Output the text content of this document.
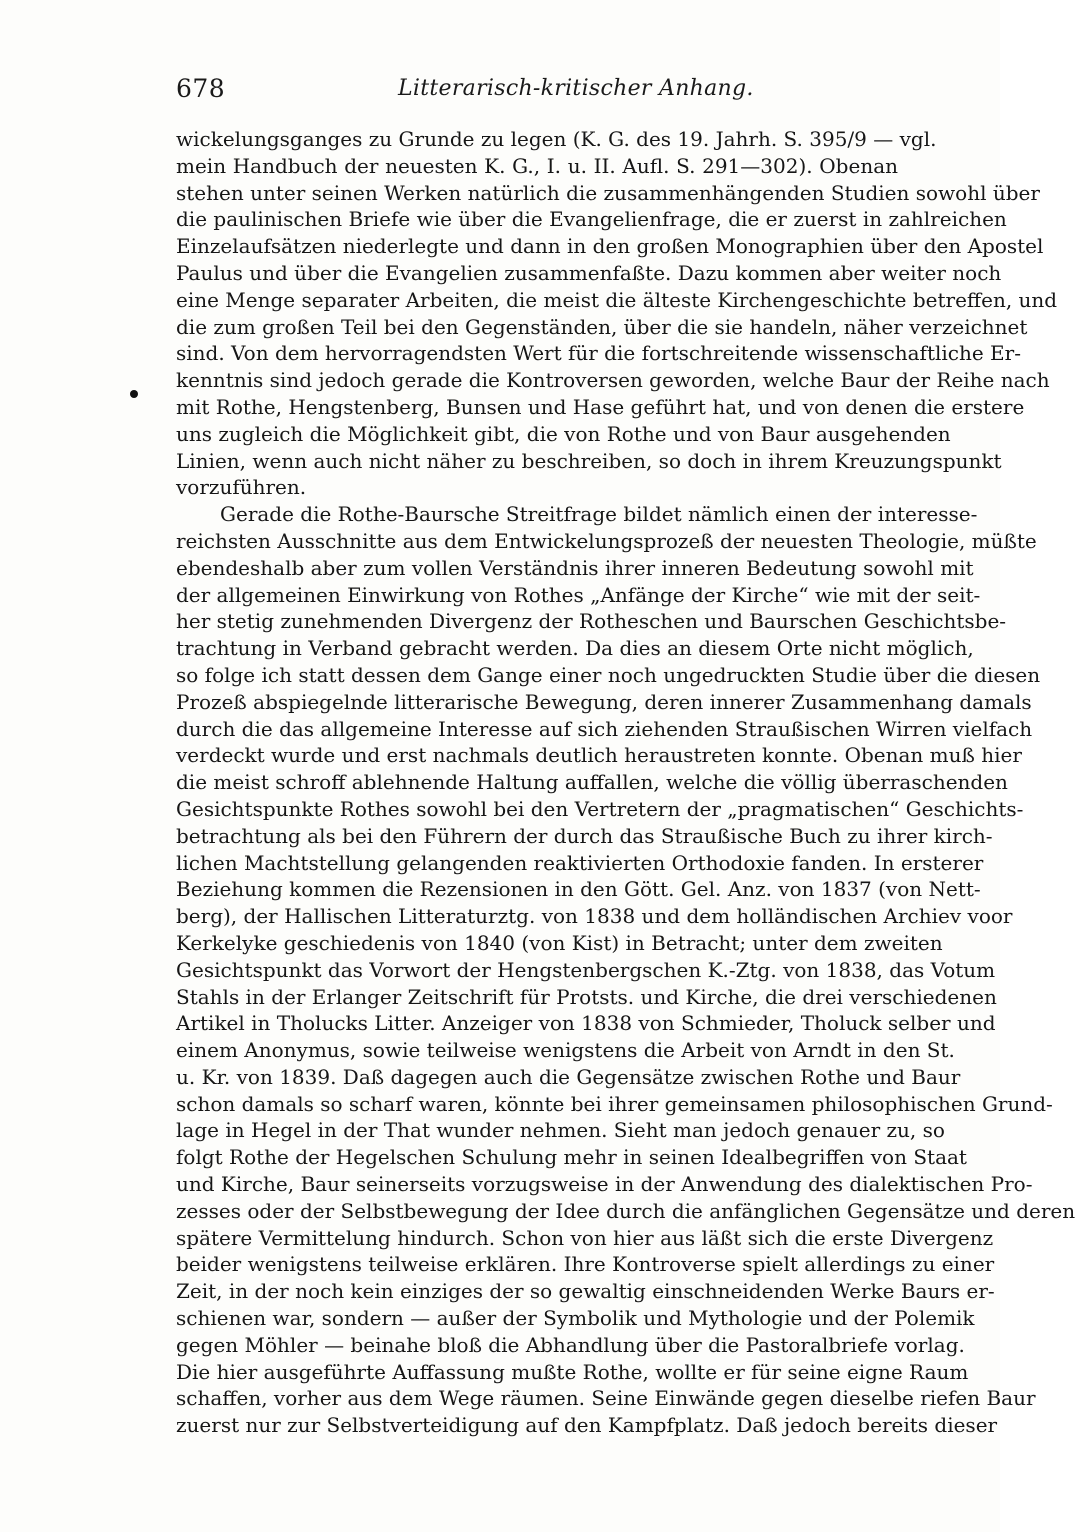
678	Litterarisch-kritischer Anhang.
wickelungsganges zu Grunde zu legen (K. G. des 19. Jahrh. S. 395/9 — vgl.
mein Handbuch der neuesten K. G., I. u. II. Aufl. S. 291—302). Obenan
stehen unter seinen Werken natürlich die zusammenhängenden Studien sowohl über
die paulinischen Briefe wie über die Evangelienfrage, die er zuerst in zahlreichen
Einzelaufsätzen niederlegte und dann in den großen Monographien über den Apostel
Paulus und über die Evangelien zusammenfaßte. Dazu kommen aber weiter noch
eine Menge separater Arbeiten, die meist die älteste Kirchengeschichte betreffen, und
die zum großen Teil bei den Gegenständen, über die sie handeln, näher verzeichnet
sind. Von dem hervorragendsten Wert für die fortschreitende wissenschaftliche Er-
kenntnis sind jedoch gerade die Kontroversen geworden, welche Baur der Reihe nach
mit Rothe, Hengstenberg, Bunsen und Hase geführt hat, und von denen die erstere
uns zugleich die Möglichkeit gibt, die von Rothe und von Baur ausgehenden
Linien, wenn auch nicht näher zu beschreiben, so doch in ihrem Kreuzungspunkt
vorzuführen.
Gerade die Rothe-Baursche Streitfrage bildet nämlich einen der interesse-
reichsten Ausschnitte aus dem Entwickelungsprozeß der neuesten Theologie, müßte
ebendeshalb aber zum vollen Verständnis ihrer inneren Bedeutung sowohl mit
der allgemeinen Einwirkung von Rothes „Anfänge der Kirche“ wie mit der seit-
her stetig zunehmenden Divergenz der Rotheschen und Baurschen Geschichtsbe-
trachtung in Verband gebracht werden. Da dies an diesem Orte nicht möglich,
so folge ich statt dessen dem Gange einer noch ungedruckten Studie über die diesen
Prozeß abspiegelnde litterarische Bewegung, deren innerer Zusammenhang damals
durch die das allgemeine Interesse auf sich ziehenden Straußischen Wirren vielfach
verdeckt wurde und erst nachmals deutlich heraustreten konnte. Obenan muß hier
die meist schroff ablehnende Haltung auffallen, welche die völlig überraschenden
Gesichtspunkte Rothes sowohl bei den Vertretern der „pragmatischen“ Geschichts-
betrachtung als bei den Führern der durch das Straußische Buch zu ihrer kirch-
lichen Machtstellung gelangenden reaktivierten Orthodoxie fanden. In ersterer
Beziehung kommen die Rezensionen in den Gött. Gel. Anz. von 1837 (von Nett-
berg), der Hallischen Litteraturztg. von 1838 und dem holländischen Archiev voor
Kerkelyke geschiedenis von 1840 (von Kist) in Betracht; unter dem zweiten
Gesichtspunkt das Vorwort der Hengstenbergschen K.-Ztg. von 1838, das Votum
Stahls in der Erlanger Zeitschrift für Protsts. und Kirche, die drei verschiedenen
Artikel in Tholucks Litter. Anzeiger von 1838 von Schmieder, Tholuck selber und
einem Anonymus, sowie teilweise wenigstens die Arbeit von Arndt in den St.
u. Kr. von 1839. Daß dagegen auch die Gegensätze zwischen Rothe und Baur
schon damals so scharf waren, könnte bei ihrer gemeinsamen philosophischen Grund-
lage in Hegel in der That wunder nehmen. Sieht man jedoch genauer zu, so
folgt Rothe der Hegelschen Schulung mehr in seinen Idealbegriffen von Staat
und Kirche, Baur seinerseits vorzugsweise in der Anwendung des dialektischen Pro-
zesses oder der Selbstbewegung der Idee durch die anfänglichen Gegensätze und deren
spätere Vermittelung hindurch. Schon von hier aus läßt sich die erste Divergenz
beider wenigstens teilweise erklären. Ihre Kontroverse spielt allerdings zu einer
Zeit, in der noch kein einziges der so gewaltig einschneidenden Werke Baurs er-
schienen war, sondern — außer der Symbolik und Mythologie und der Polemik
gegen Möhler — beinahe bloß die Abhandlung über die Pastoralbriefe vorlag.
Die hier ausgeführte Auffassung mußte Rothe, wollte er für seine eigne Raum
schaffen, vorher aus dem Wege räumen. Seine Einwände gegen dieselbe riefen Baur
zuerst nur zur Selbstverteidigung auf den Kampfplatz. Daß jedoch bereits dieser
